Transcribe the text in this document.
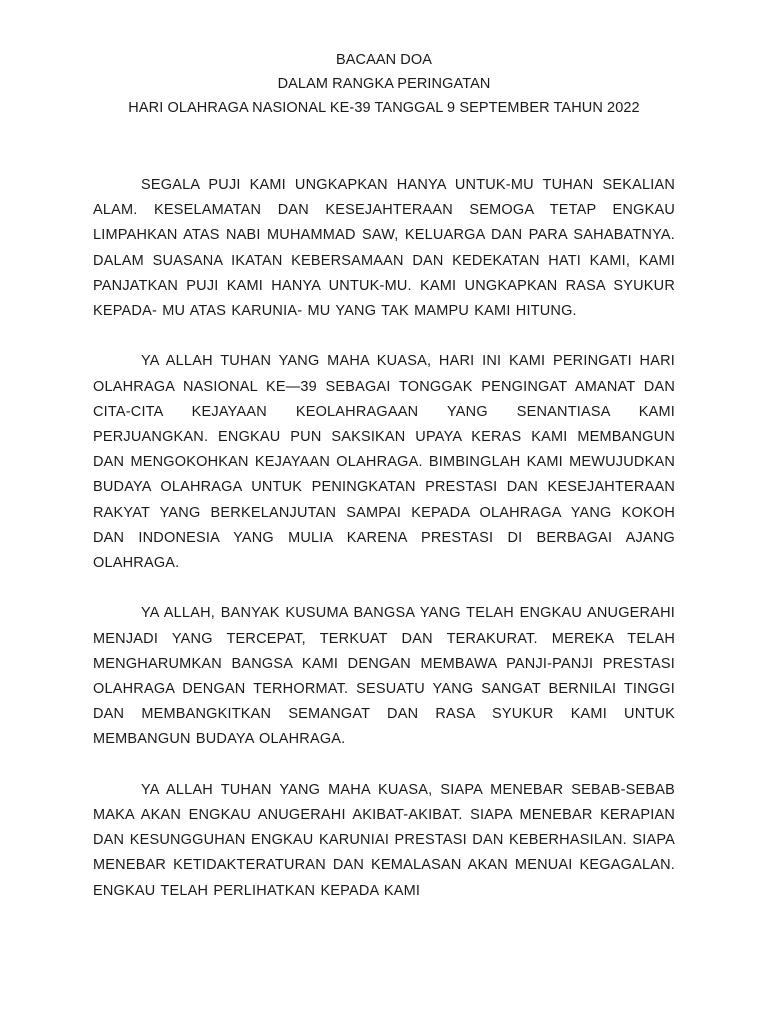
BACAAN DOA
DALAM RANGKA PERINGATAN
HARI OLAHRAGA NASIONAL KE-39 TANGGAL 9 SEPTEMBER TAHUN 2022

SEGALA PUJI KAMI UNGKAPKAN HANYA UNTUK-MU TUHAN SEKALIAN ALAM. KESELAMATAN DAN KESEJAHTERAAN SEMOGA TETAP ENGKAU LIMPAHKAN ATAS NABI MUHAMMAD SAW, KELUARGA DAN PARA SAHABATNYA. DALAM SUASANA IKATAN KEBERSAMAAN DAN KEDEKATAN HATI KAMI, KAMI PANJATKAN PUJI KAMI HANYA UNTUK-MU. KAMI UNGKAPKAN RASA SYUKUR KEPADA- MU ATAS KARUNIA- MU YANG TAK MAMPU KAMI HITUNG.

YA ALLAH TUHAN YANG MAHA KUASA, HARI INI KAMI PERINGATI HARI OLAHRAGA NASIONAL KE—39 SEBAGAI TONGGAK PENGINGAT AMANAT DAN CITA-CITA KEJAYAAN KEOLAHRAGAAN YANG SENANTIASA KAMI PERJUANGKAN. ENGKAU PUN SAKSIKAN UPAYA KERAS KAMI MEMBANGUN DAN MENGOKOHKAN KEJAYAAN OLAHRAGA. BIMBINGLAH KAMI MEWUJUDKAN BUDAYA OLAHRAGA UNTUK PENINGKATAN PRESTASI DAN KESEJAHTERAAN RAKYAT YANG BERKELANJUTAN SAMPAI KEPADA OLAHRAGA YANG KOKOH DAN INDONESIA YANG MULIA KARENA PRESTASI DI BERBAGAI AJANG OLAHRAGA.

YA ALLAH, BANYAK KUSUMA BANGSA YANG TELAH ENGKAU ANUGERAHI MENJADI YANG TERCEPAT, TERKUAT DAN TERAKURAT. MEREKA TELAH MENGHARUMKAN BANGSA KAMI DENGAN MEMBAWA PANJI-PANJI PRESTASI OLAHRAGA DENGAN TERHORMAT. SESUATU YANG SANGAT BERNILAI TINGGI DAN MEMBANGKITKAN SEMANGAT DAN RASA SYUKUR KAMI UNTUK MEMBANGUN BUDAYA OLAHRAGA.

YA ALLAH TUHAN YANG MAHA KUASA, SIAPA MENEBAR SEBAB-SEBAB MAKA AKAN ENGKAU ANUGERAHI AKIBAT-AKIBAT. SIAPA MENEBAR KERAPIAN DAN KESUNGGUHAN ENGKAU KARUNIAI PRESTASI DAN KEBERHASILAN. SIAPA MENEBAR KETIDAKTERATURAN DAN KEMALASAN AKAN MENUAI KEGAGALAN. ENGKAU TELAH PERLIHATKAN KEPADA KAMI
